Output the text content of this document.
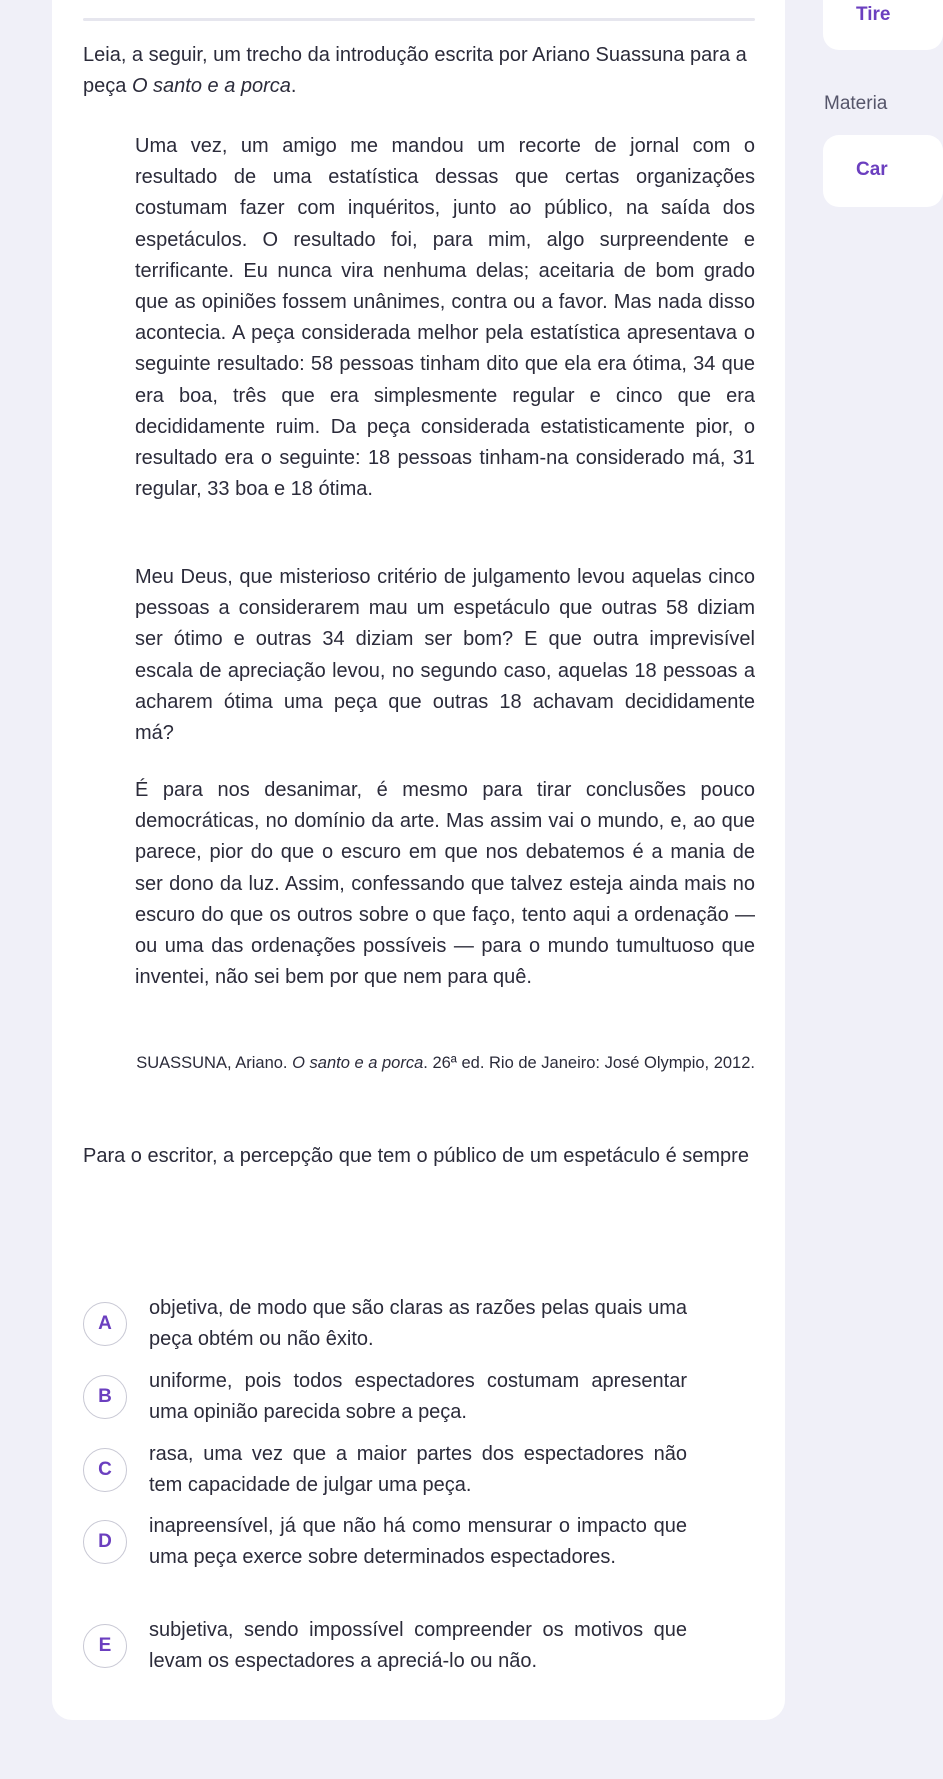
Leia, a seguir, um trecho da introdução escrita por Ariano Suassuna para a peça O santo e a porca.

Uma vez, um amigo me mandou um recorte de jornal com o resultado de uma estatística dessas que certas organizações costumam fazer com inquéritos, junto ao público, na saída dos espetáculos. O resultado foi, para mim, algo surpreendente e terrificante. Eu nunca vira nenhuma delas; aceitaria de bom grado que as opiniões fossem unânimes, contra ou a favor. Mas nada disso acontecia. A peça considerada melhor pela estatística apresentava o seguinte resultado: 58 pessoas tinham dito que ela era ótima, 34 que era boa, três que era simplesmente regular e cinco que era decididamente ruim. Da peça considerada estatisticamente pior, o resultado era o seguinte: 18 pessoas tinham-na considerado má, 31 regular, 33 boa e 18 ótima.

Meu Deus, que misterioso critério de julgamento levou aquelas cinco pessoas a considerarem mau um espetáculo que outras 58 diziam ser ótimo e outras 34 diziam ser bom? E que outra imprevisível escala de apreciação levou, no segundo caso, aquelas 18 pessoas a acharem ótima uma peça que outras 18 achavam decididamente má?

É para nos desanimar, é mesmo para tirar conclusões pouco democráticas, no domínio da arte. Mas assim vai o mundo, e, ao que parece, pior do que o escuro em que nos debatemos é a mania de ser dono da luz. Assim, confessando que talvez esteja ainda mais no escuro do que os outros sobre o que faço, tento aqui a ordenação — ou uma das ordenações possíveis — para o mundo tumultuoso que inventei, não sei bem por que nem para quê.

SUASSUNA, Ariano. O santo e a porca. 26ª ed. Rio de Janeiro: José Olympio, 2012.

Para o escritor, a percepção que tem o público de um espetáculo é sempre

A
objetiva, de modo que são claras as razões pelas quais uma peça obtém ou não êxito.
B
uniforme, pois todos espectadores costumam apresentar uma opinião parecida sobre a peça.
C
rasa, uma vez que a maior partes dos espectadores não tem capacidade de julgar uma peça.
D
inapreensível, já que não há como mensurar o impacto que uma peça exerce sobre determinados espectadores.
E
subjetiva, sendo impossível compreender os motivos que levam os espectadores a apreciá-lo ou não.
Tire
Materia
Car
